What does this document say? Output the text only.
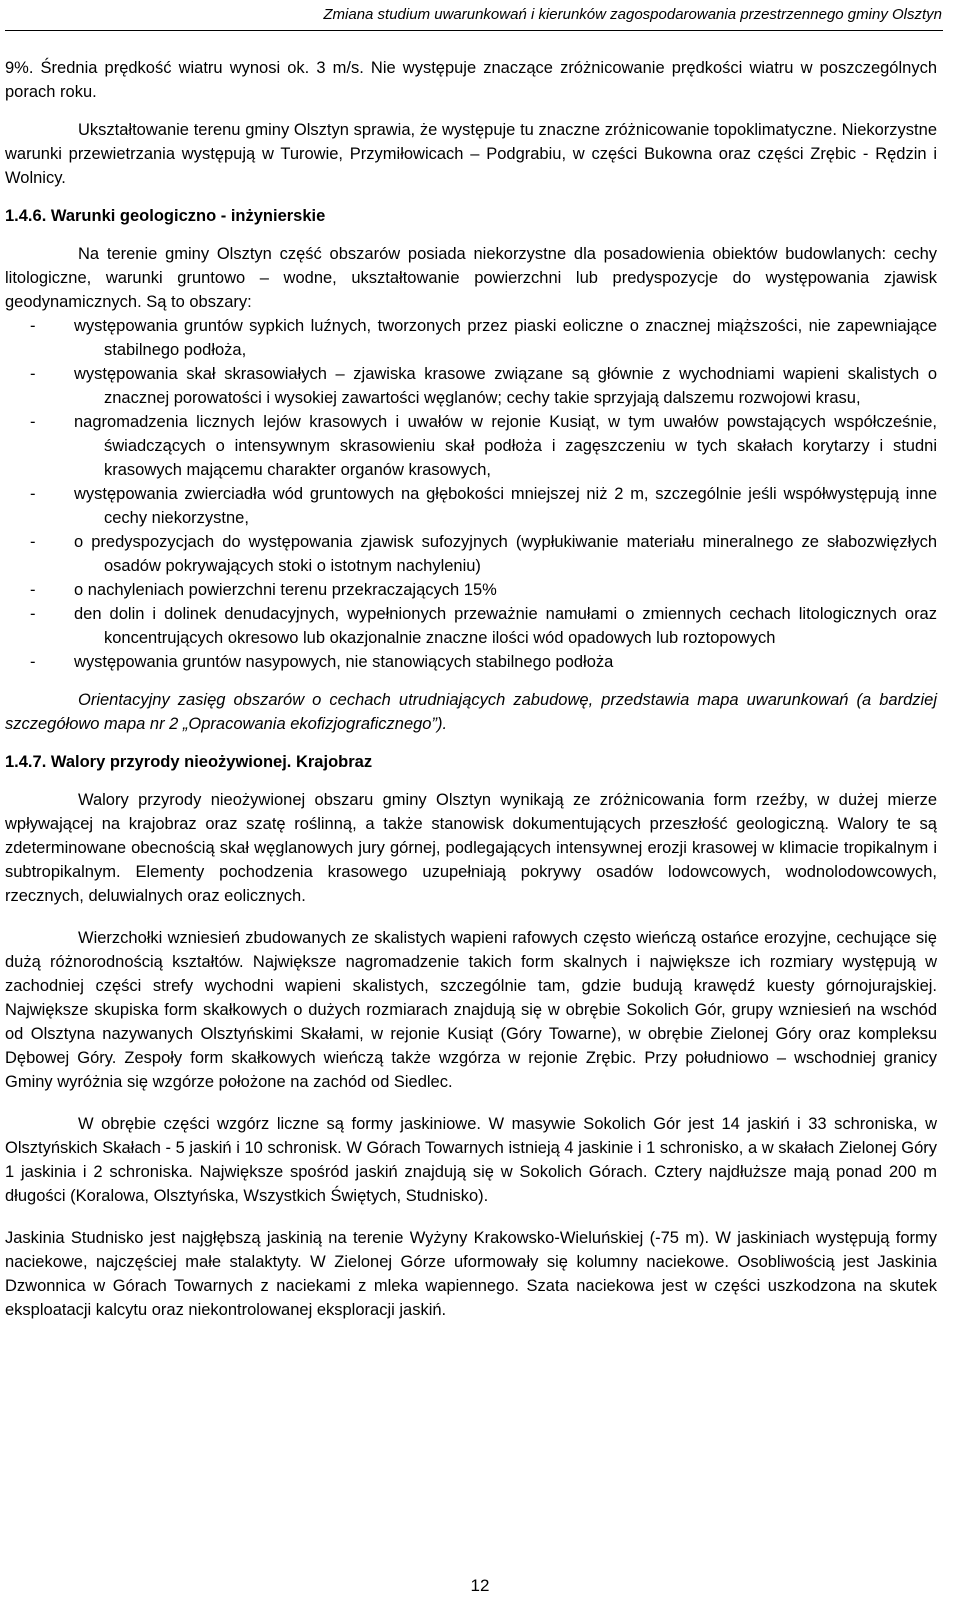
Zmiana studium uwarunkowań i kierunków zagospodarowania przestrzennego gminy Olsztyn

9%. Średnia prędkość wiatru wynosi ok. 3 m/s. Nie występuje znaczące zróżnicowanie prędkości wiatru w poszczególnych porach roku.

Ukształtowanie terenu gminy Olsztyn sprawia, że występuje tu znaczne zróżnicowanie topoklimatyczne. Niekorzystne warunki przewietrzania występują w Turowie, Przymiłowicach – Podgrabiu, w części Bukowna oraz części Zrębic - Rędzin i Wolnicy.

1.4.6. Warunki geologiczno - inżynierskie

Na terenie gminy Olsztyn część obszarów posiada niekorzystne dla posadowienia obiektów budowlanych: cechy litologiczne, warunki gruntowo – wodne, ukształtowanie powierzchni lub predyspozycje do występowania zjawisk geodynamicznych. Są to obszary:

- występowania gruntów sypkich luźnych, tworzonych przez piaski eoliczne o znacznej miąższości, nie zapewniające stabilnego podłoża,
- występowania skał skrasowiałych – zjawiska krasowe związane są głównie z wychodniami wapieni skalistych o znacznej porowatości i wysokiej zawartości węglanów; cechy takie sprzyjają dalszemu rozwojowi krasu,
- nagromadzenia licznych lejów krasowych i uwałów w rejonie Kusiąt, w tym uwałów powstających współcześnie, świadczących o intensywnym skrasowieniu skał podłoża i zagęszczeniu w tych skałach korytarzy i studni krasowych mającemu charakter organów krasowych,
- występowania zwierciadła wód gruntowych na głębokości mniejszej niż 2 m, szczególnie jeśli współwystępują inne cechy niekorzystne,
- o predyspozycjach do występowania zjawisk sufozyjnych (wypłukiwanie materiału mineralnego ze słabozwięzłych osadów pokrywających stoki o istotnym nachyleniu)
- o nachyleniach powierzchni terenu przekraczających 15%
- den dolin i dolinek denudacyjnych, wypełnionych przeważnie namułami o zmiennych cechach litologicznych oraz koncentrujących okresowo lub okazjonalnie znaczne ilości wód opadowych lub roztopowych
- występowania gruntów nasypowych, nie stanowiących stabilnego podłoża

Orientacyjny zasięg obszarów o cechach utrudniających zabudowę, przedstawia mapa uwarunkowań (a bardziej szczegółowo mapa nr 2 „Opracowania ekofizjograficznego”).

1.4.7. Walory przyrody nieożywionej. Krajobraz

Walory przyrody nieożywionej obszaru gminy Olsztyn wynikają ze zróżnicowania form rzeźby, w dużej mierze wpływającej na krajobraz oraz szatę roślinną, a także stanowisk dokumentujących przeszłość geologiczną. Walory te są zdeterminowane obecnością skał węglanowych jury górnej, podlegających intensywnej erozji krasowej w klimacie tropikalnym i subtropikalnym. Elementy pochodzenia krasowego uzupełniają pokrywy osadów lodowcowych, wodnolodowcowych, rzecznych, deluwialnych oraz eolicznych.

Wierzchołki wzniesień zbudowanych ze skalistych wapieni rafowych często wieńczą ostańce erozyjne, cechujące się dużą różnorodnością kształtów. Największe nagromadzenie takich form skalnych i największe ich rozmiary występują w zachodniej części strefy wychodni wapieni skalistych, szczególnie tam, gdzie budują krawędź kuesty górnojurajskiej. Największe skupiska form skałkowych o dużych rozmiarach znajdują się w obrębie Sokolich Gór, grupy wzniesień na wschód od Olsztyna nazywanych Olsztyńskimi Skałami, w rejonie Kusiąt (Góry Towarne), w obrębie Zielonej Góry oraz kompleksu Dębowej Góry. Zespoły form skałkowych wieńczą także wzgórza w rejonie Zrębic. Przy południowo – wschodniej granicy Gminy wyróżnia się wzgórze położone na zachód od Siedlec.

W obrębie części wzgórz liczne są formy jaskiniowe. W masywie Sokolich Gór jest 14 jaskiń i 33 schroniska, w Olsztyńskich Skałach - 5 jaskiń i 10 schronisk. W Górach Towarnych istnieją 4 jaskinie i 1 schronisko, a w skałach Zielonej Góry 1 jaskinia i 2 schroniska. Największe spośród jaskiń znajdują się w Sokolich Górach. Cztery najdłuższe mają ponad 200 m długości (Koralowa, Olsztyńska, Wszystkich Świętych, Studnisko).

Jaskinia Studnisko jest najgłębszą jaskinią na terenie Wyżyny Krakowsko-Wieluńskiej (-75 m). W jaskiniach występują formy naciekowe, najczęściej małe stalaktyty. W Zielonej Górze uformowały się kolumny naciekowe. Osobliwością jest Jaskinia Dzwonnica w Górach Towarnych z naciekami z mleka wapiennego. Szata naciekowa jest w części uszkodzona na skutek eksploatacji kalcytu oraz niekontrolowanej eksploracji jaskiń.

12
